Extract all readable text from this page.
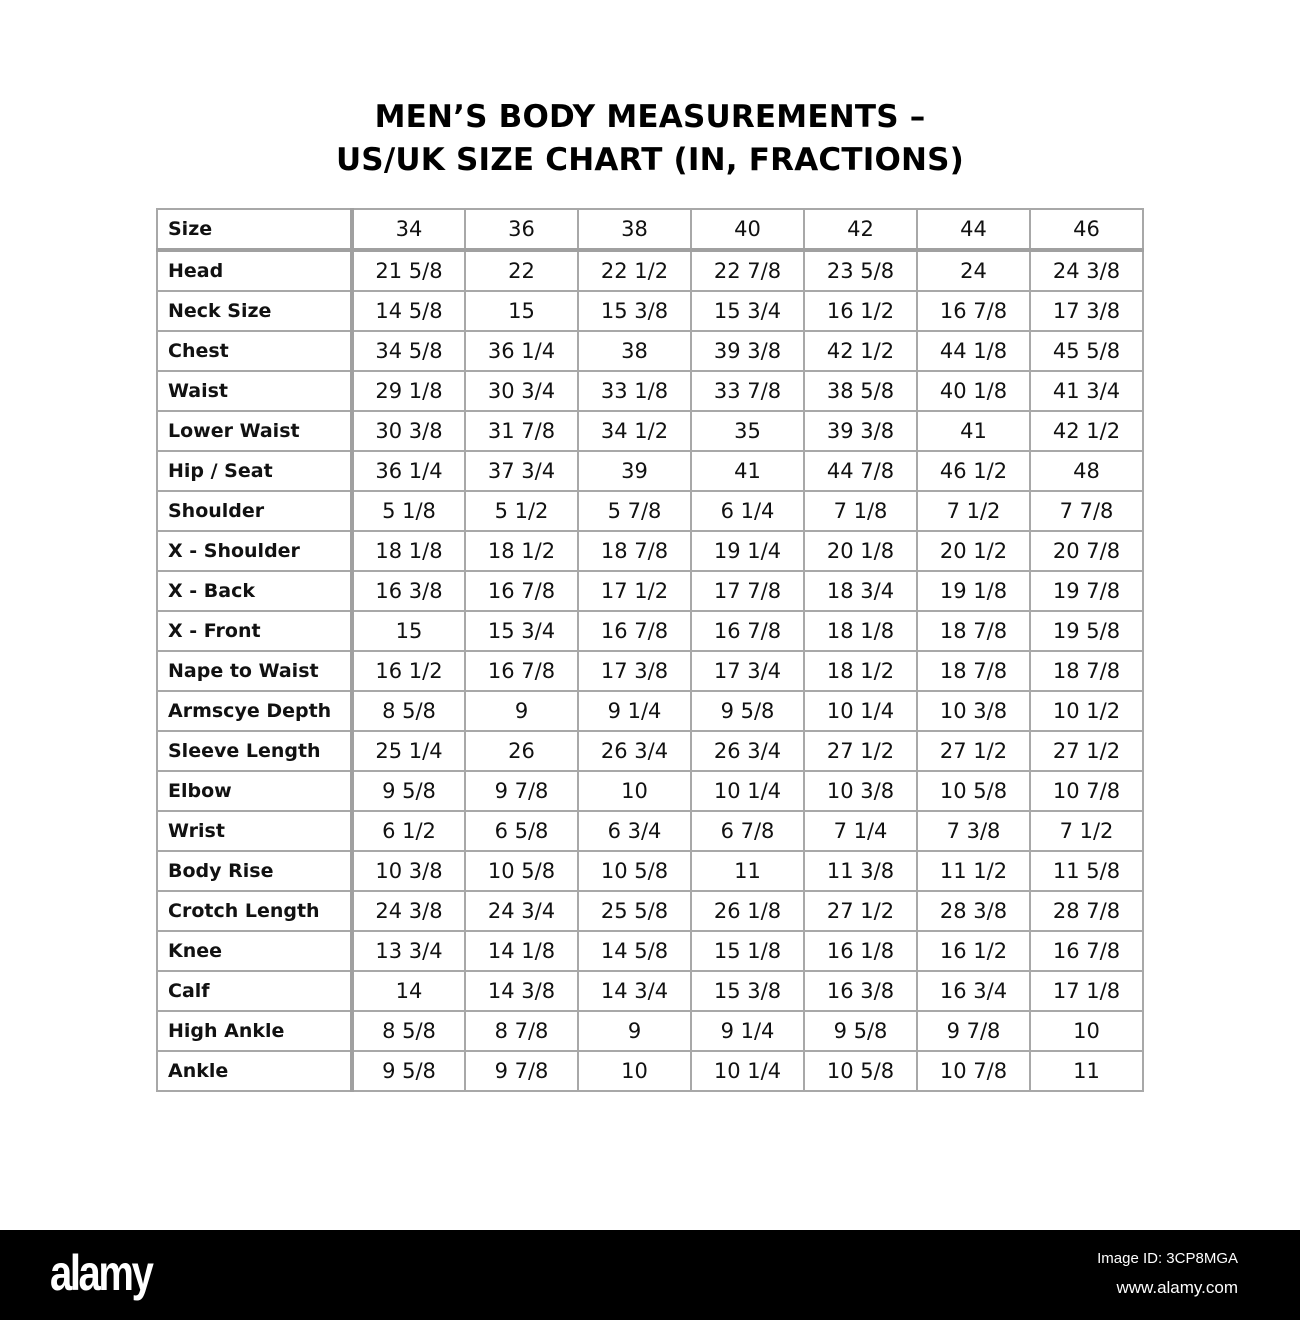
MEN’S BODY MEASUREMENTS –
US/UK SIZE CHART (IN, FRACTIONS)
Size	34	36	38	40	42	44	46
Head	21 5/8	22	22 1/2	22 7/8	23 5/8	24	24 3/8
Neck Size	14 5/8	15	15 3/8	15 3/4	16 1/2	16 7/8	17 3/8
Chest	34 5/8	36 1/4	38	39 3/8	42 1/2	44 1/8	45 5/8
Waist	29 1/8	30 3/4	33 1/8	33 7/8	38 5/8	40 1/8	41 3/4
Lower Waist	30 3/8	31 7/8	34 1/2	35	39 3/8	41	42 1/2
Hip / Seat	36 1/4	37 3/4	39	41	44 7/8	46 1/2	48
Shoulder	5 1/8	5 1/2	5 7/8	6 1/4	7 1/8	7 1/2	7 7/8
X - Shoulder	18 1/8	18 1/2	18 7/8	19 1/4	20 1/8	20 1/2	20 7/8
X - Back	16 3/8	16 7/8	17 1/2	17 7/8	18 3/4	19 1/8	19 7/8
X - Front	15	15 3/4	16 7/8	16 7/8	18 1/8	18 7/8	19 5/8
Nape to Waist	16 1/2	16 7/8	17 3/8	17 3/4	18 1/2	18 7/8	18 7/8
Armscye Depth	8 5/8	9	9 1/4	9 5/8	10 1/4	10 3/8	10 1/2
Sleeve Length	25 1/4	26	26 3/4	26 3/4	27 1/2	27 1/2	27 1/2
Elbow	9 5/8	9 7/8	10	10 1/4	10 3/8	10 5/8	10 7/8
Wrist	6 1/2	6 5/8	6 3/4	6 7/8	7 1/4	7 3/8	7 1/2
Body Rise	10 3/8	10 5/8	10 5/8	11	11 3/8	11 1/2	11 5/8
Crotch Length	24 3/8	24 3/4	25 5/8	26 1/8	27 1/2	28 3/8	28 7/8
Knee	13 3/4	14 1/8	14 5/8	15 1/8	16 1/8	16 1/2	16 7/8
Calf	14	14 3/8	14 3/4	15 3/8	16 3/8	16 3/4	17 1/8
High Ankle	8 5/8	8 7/8	9	9 1/4	9 5/8	9 7/8	10
Ankle	9 5/8	9 7/8	10	10 1/4	10 5/8	10 7/8	11
alamy	Image ID: 3CP8MGA
www.alamy.com
